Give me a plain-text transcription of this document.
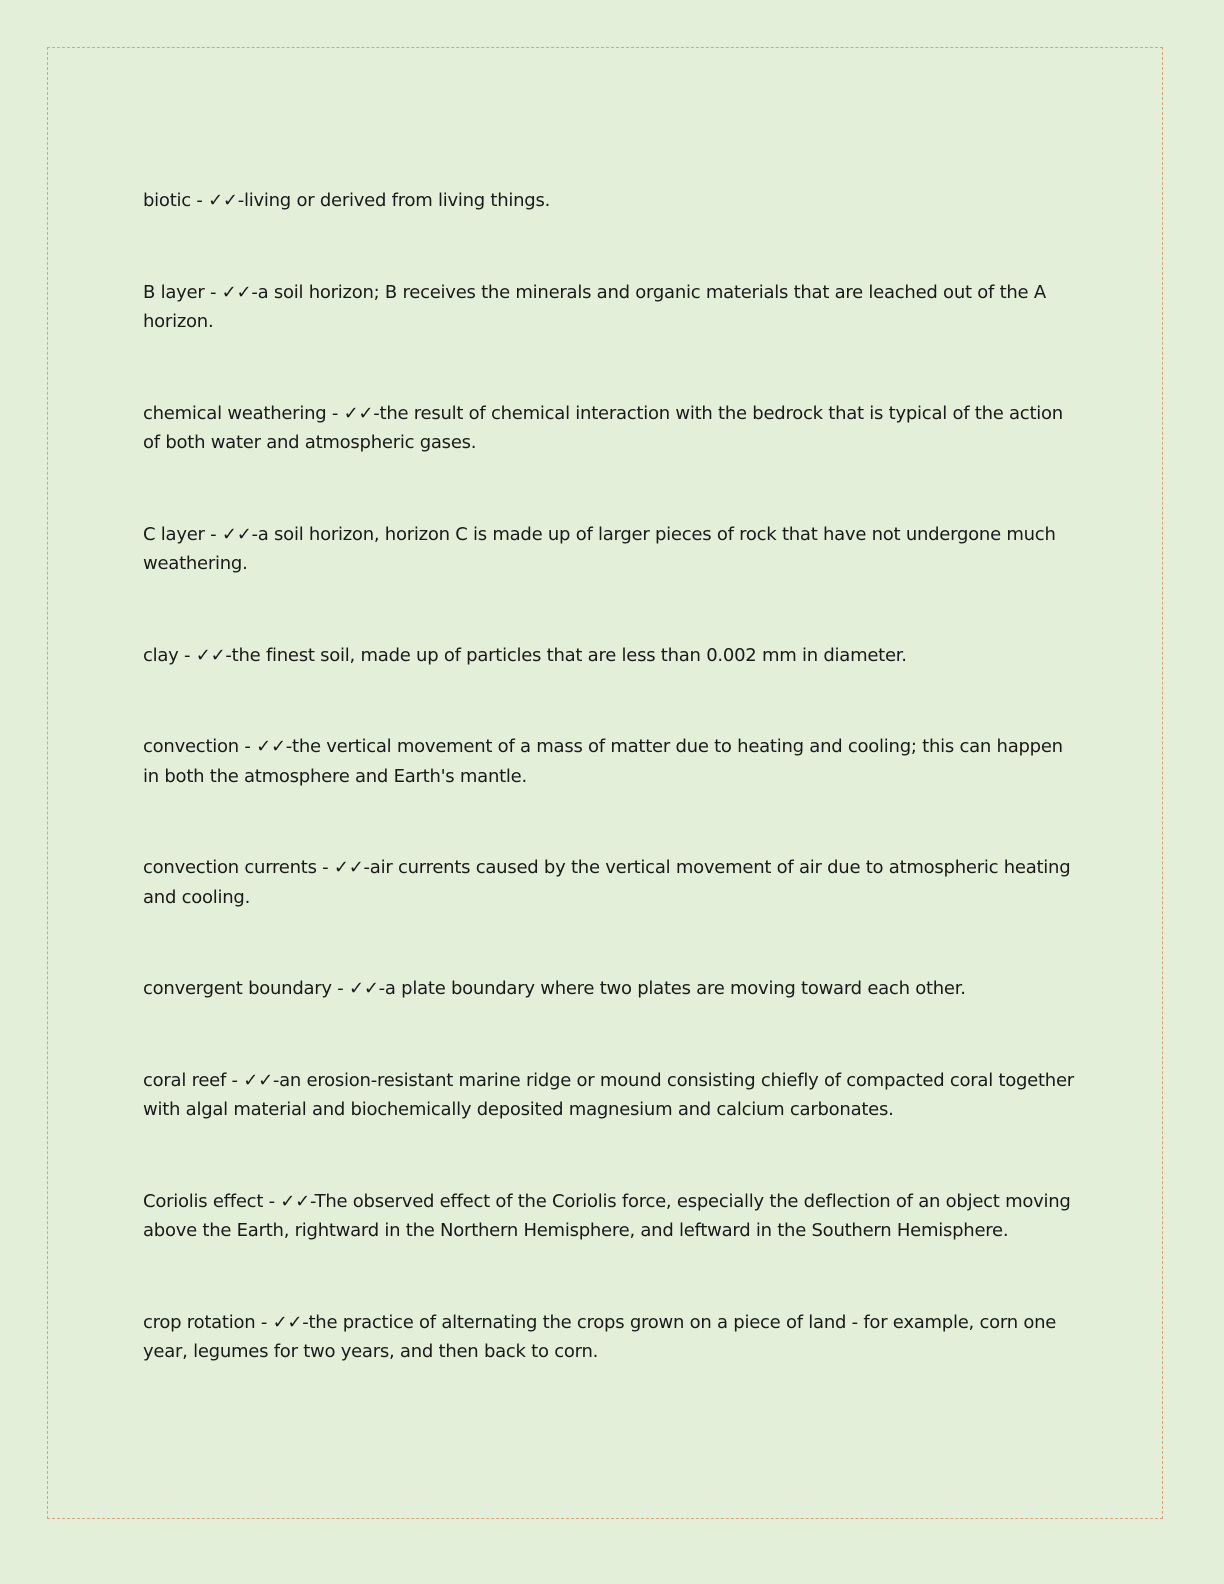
biotic - ✓✓-living or derived from living things.

B layer - ✓✓-a soil horizon; B receives the minerals and organic materials that are leached out of the A horizon.

chemical weathering - ✓✓-the result of chemical interaction with the bedrock that is typical of the action of both water and atmospheric gases.

C layer - ✓✓-a soil horizon, horizon C is made up of larger pieces of rock that have not undergone much weathering.

clay - ✓✓-the finest soil, made up of particles that are less than 0.002 mm in diameter.

convection - ✓✓-the vertical movement of a mass of matter due to heating and cooling; this can happen in both the atmosphere and Earth's mantle.

convection currents - ✓✓-air currents caused by the vertical movement of air due to atmospheric heating and cooling.

convergent boundary - ✓✓-a plate boundary where two plates are moving toward each other.

coral reef - ✓✓-an erosion-resistant marine ridge or mound consisting chiefly of compacted coral together with algal material and biochemically deposited magnesium and calcium carbonates.

Coriolis effect - ✓✓-The observed effect of the Coriolis force, especially the deflection of an object moving above the Earth, rightward in the Northern Hemisphere, and leftward in the Southern Hemisphere.

crop rotation - ✓✓-the practice of alternating the crops grown on a piece of land - for example, corn one year, legumes for two years, and then back to corn.
